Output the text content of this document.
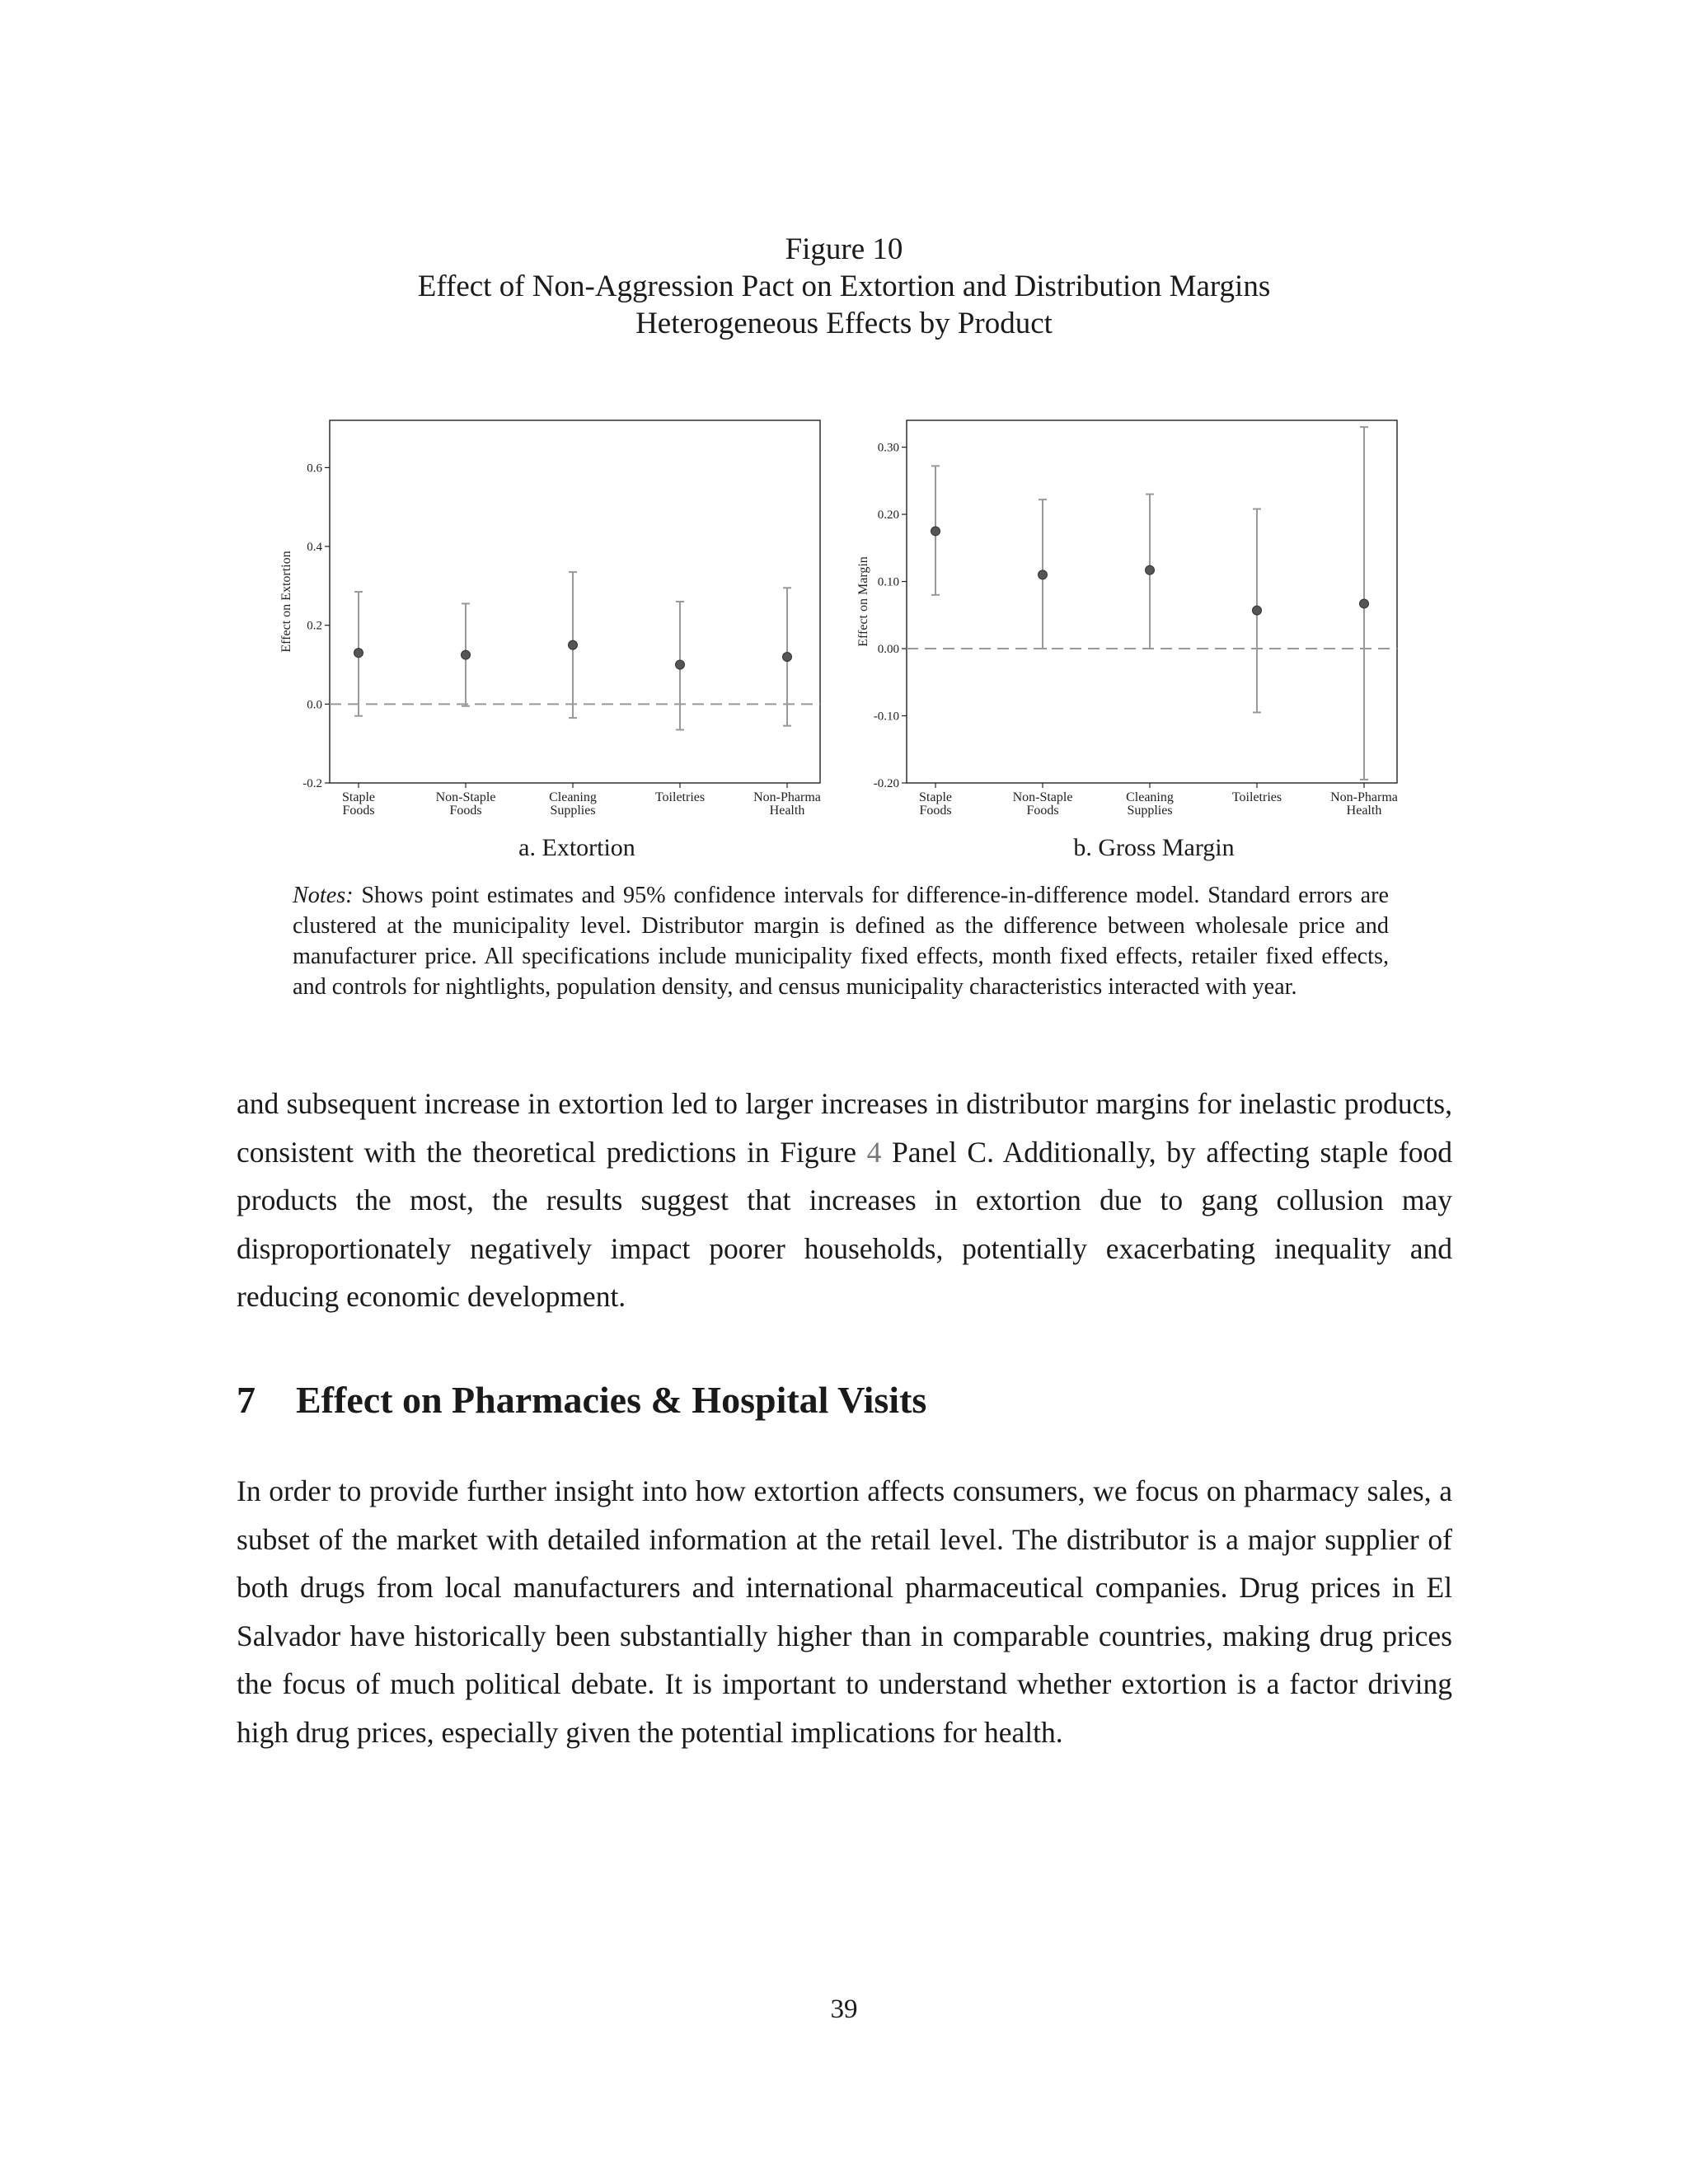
Figure 10
Effect of Non-Aggression Pact on Extortion and Distribution Margins
Heterogeneous Effects by Product
Effect on Extortion
-0.2
0.0
0.2
0.4
0.6
Staple
Foods
Non-Staple
Foods
Cleaning
Supplies
Toiletries	Non-Pharma
Health
Effect on Margin
-0.20
-0.10
0.00
0.10
0.20
0.30
Staple
Foods
Non-Staple
Foods
Cleaning
Supplies
Toiletries	Non-Pharma
Health
a. Extortion	b. Gross Margin
Notes: Shows point estimates and 95% confidence intervals for difference-in-difference model. Standard errors are clustered at the municipality level. Distributor margin is defined as the difference between wholesale price and manufacturer price. All specifications include municipality fixed effects, month fixed effects, retailer fixed effects, and controls for nightlights, population density, and census municipality characteristics interacted with year.

and subsequent increase in extortion led to larger increases in distributor margins for inelastic products, consistent with the theoretical predictions in Figure 4 Panel C. Additionally, by affecting staple food products the most, the results suggest that increases in extortion due to gang collusion may disproportionately negatively impact poorer households, potentially exacerbating inequality and reducing economic development.

7 Effect on Pharmacies & Hospital Visits

In order to provide further insight into how extortion affects consumers, we focus on pharmacy sales, a subset of the market with detailed information at the retail level. The distributor is a major supplier of both drugs from local manufacturers and international pharmaceutical companies. Drug prices in El Salvador have historically been substantially higher than in comparable countries, making drug prices the focus of much political debate. It is important to understand whether extortion is a factor driving high drug prices, especially given the potential implications for health.

39
